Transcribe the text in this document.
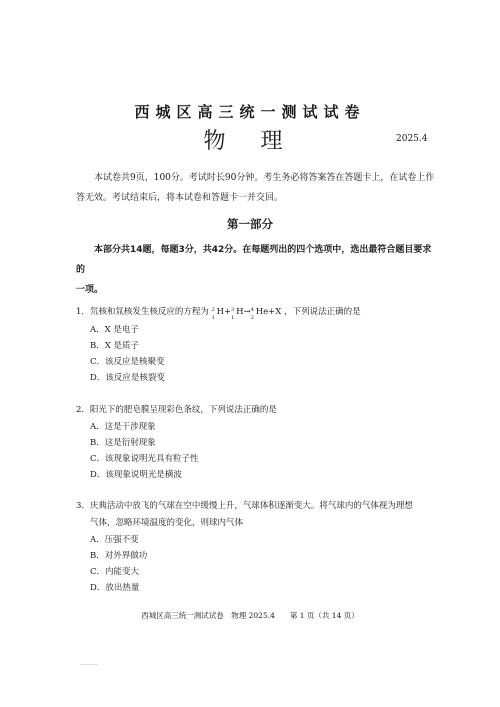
西城区高三统一测试试卷
物 理	2025.4
本试卷共9页，100分。考试时长90分钟。考生务必将答案答在答题卡上，在试卷上作
答无效。考试结束后，将本试卷和答题卡一并交回。
第一部分
本部分共14题，每题3分，共42分。在每题列出的四个选项中，选出最符合题目要求的
一项。
1．氘核和氚核发生核反应的方程为 2
1
H+ 3
1
H→ 4
2
He+X ，下列说法正确的是
A．X 是电子
B．X 是质子
C．该反应是核聚变
D．该反应是核裂变
2．阳光下的肥皂膜呈现彩色条纹，下列说法正确的是
A．这是干涉现象
B．这是衍射现象
C．该现象说明光具有粒子性
D．该现象说明光是横波
3．庆典活动中放飞的气球在空中缓慢上升，气球体积逐渐变大。将气球内的气体视为理想
气体，忽略环境温度的变化，则球内气体
A．压强不变
B．对外界做功
C．内能变大
D．放出热量
西城区高三统一测试试卷　物理 2025.4　　第 1 页（共 14 页）
